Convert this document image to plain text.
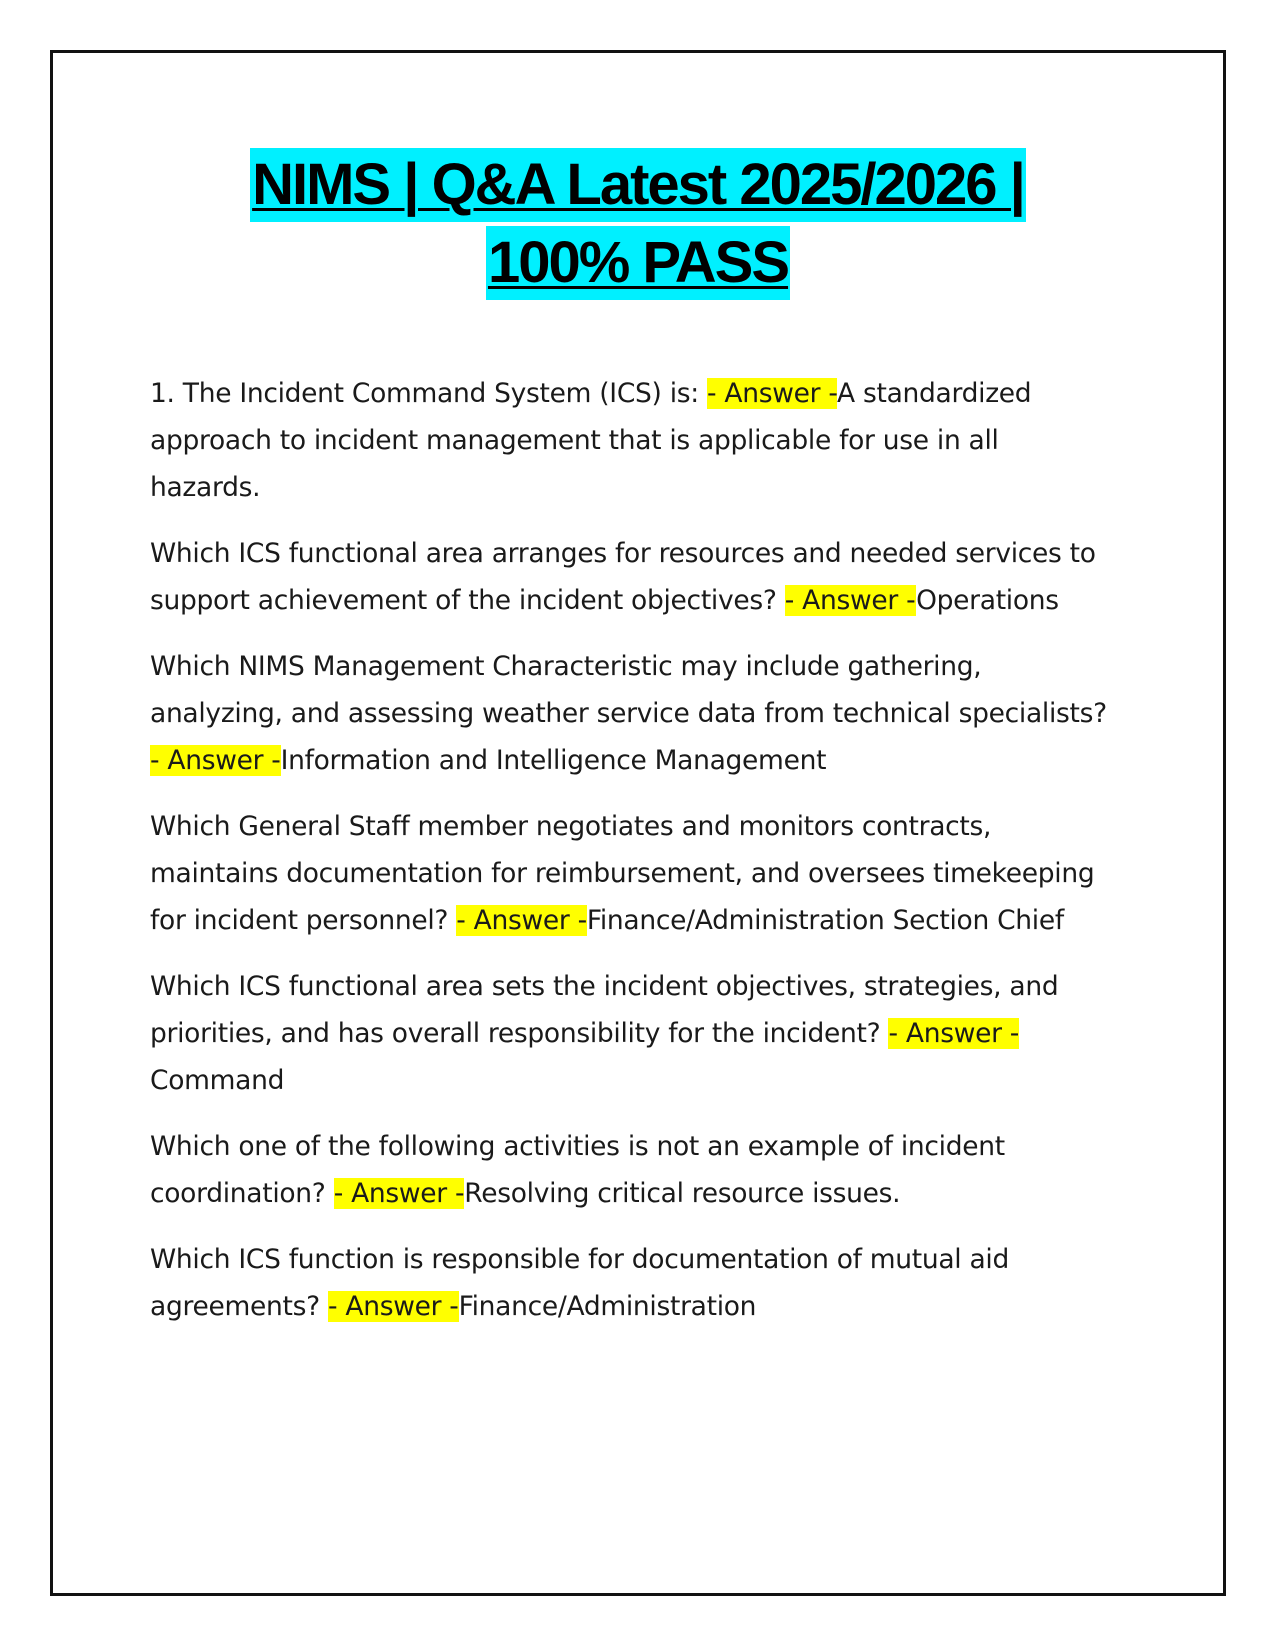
NIMS | Q&A Latest 2025/2026 |
100% PASS
1. The Incident Command System (ICS) is: - Answer -A standardized approach to incident management that is applicable for use in all hazards.
Which ICS functional area arranges for resources and needed services to support achievement of the incident objectives? - Answer -Operations
Which NIMS Management Characteristic may include gathering, analyzing, and assessing weather service data from technical specialists? - Answer -Information and Intelligence Management
Which General Staff member negotiates and monitors contracts, maintains documentation for reimbursement, and oversees timekeeping for incident personnel? - Answer -Finance/Administration Section Chief
Which ICS functional area sets the incident objectives, strategies, and priorities, and has overall responsibility for the incident? - Answer -Command
Which one of the following activities is not an example of incident coordination? - Answer -Resolving critical resource issues.
Which ICS function is responsible for documentation of mutual aid agreements? - Answer -Finance/Administration
